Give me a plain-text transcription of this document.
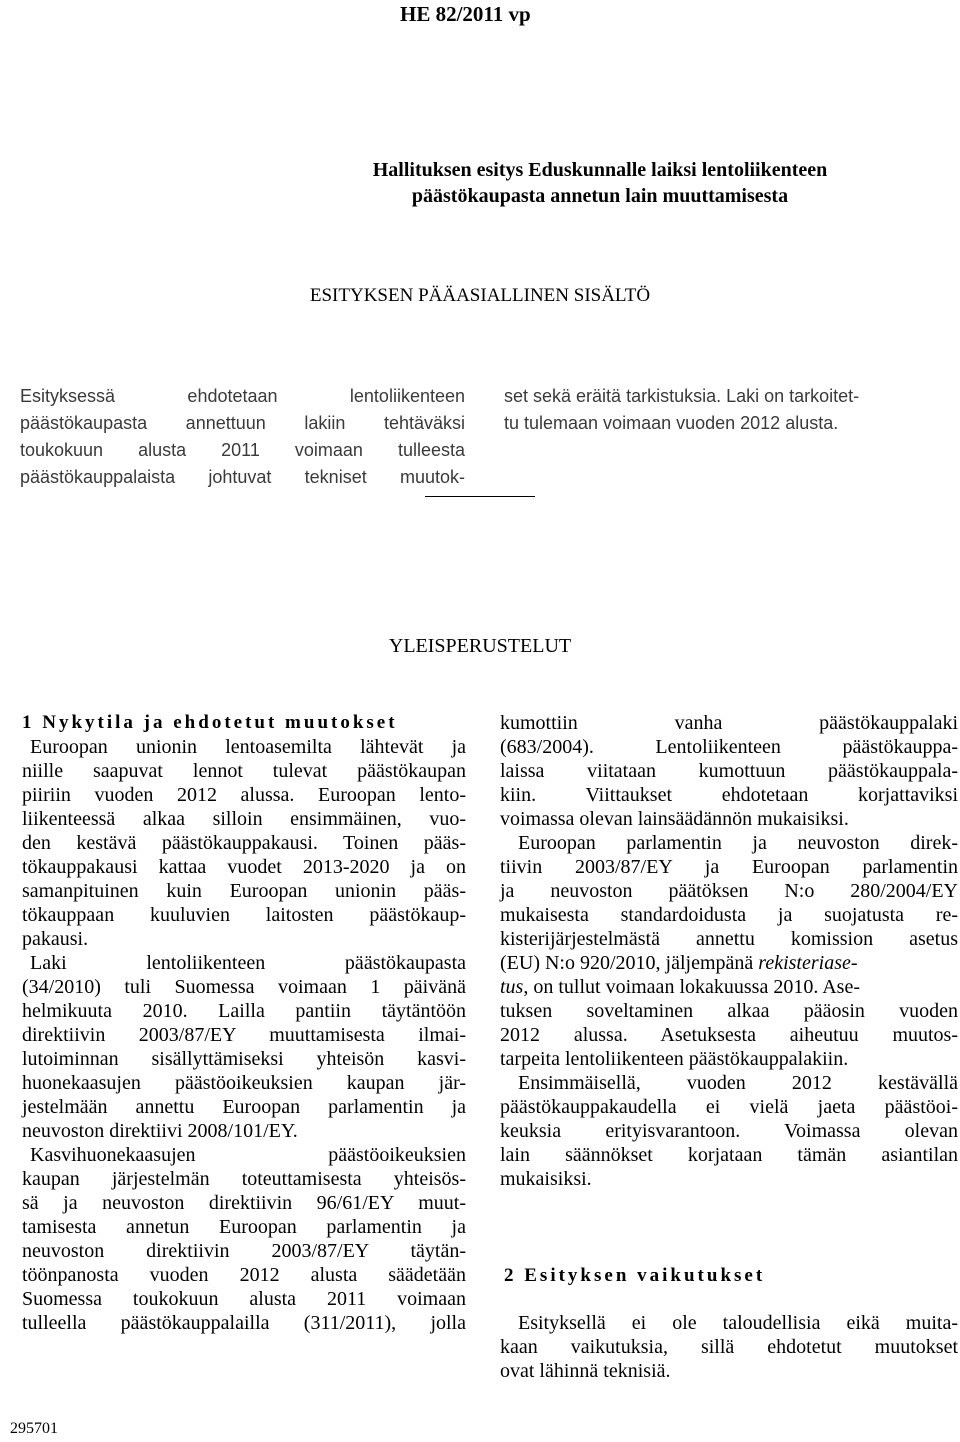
HE 82/2011 vp
Hallituksen esitys Eduskunnalle laiksi lentoliikenteen
päästökaupasta annetun lain muuttamisesta
ESITYKSEN PÄÄASIALLINEN SISÄLTÖ
Esityksessä ehdotetaan lentoliikenteen
päästökaupasta annettuun lakiin tehtäväksi
toukokuun alusta 2011 voimaan tulleesta
päästökauppalaista johtuvat tekniset muutok-
set sekä eräitä tarkistuksia. Laki on tarkoitet-
tu tulemaan voimaan vuoden 2012 alusta.
YLEISPERUSTELUT
1 Nykytila ja ehdotetut muutokset
Euroopan unionin lentoasemilta lähtevät ja
niille saapuvat lennot tulevat päästökaupan
piiriin vuoden 2012 alussa. Euroopan lento-
liikenteessä alkaa silloin ensimmäinen, vuo-
den kestävä päästökauppakausi. Toinen pääs-
tökauppakausi kattaa vuodet 2013-2020 ja on
samanpituinen kuin Euroopan unionin pääs-
tökauppaan kuuluvien laitosten päästökaup-
pakausi.
Laki lentoliikenteen päästökaupasta
(34/2010) tuli Suomessa voimaan 1 päivänä
helmikuuta 2010. Lailla pantiin täytäntöön
direktiivin 2003/87/EY muuttamisesta ilmai-
lutoiminnan sisällyttämiseksi yhteisön kasvi-
huonekaasujen päästöoikeuksien kaupan jär-
jestelmään annettu Euroopan parlamentin ja
neuvoston direktiivi 2008/101/EY.
Kasvihuonekaasujen päästöoikeuksien
kaupan järjestelmän toteuttamisesta yhteisös-
sä ja neuvoston direktiivin 96/61/EY muut-
tamisesta annetun Euroopan parlamentin ja
neuvoston direktiivin 2003/87/EY täytän-
töönpanosta vuoden 2012 alusta säädetään
Suomessa toukokuun alusta 2011 voimaan
tulleella päästökauppalailla (311/2011), jolla
kumottiin vanha päästökauppalaki
(683/2004). Lentoliikenteen päästökauppa-
laissa viitataan kumottuun päästökauppala-
kiin. Viittaukset ehdotetaan korjattaviksi
voimassa olevan lainsäädännön mukaisiksi.
Euroopan parlamentin ja neuvoston direk-
tiivin 2003/87/EY ja Euroopan parlamentin
ja neuvoston päätöksen N:o 280/2004/EY
mukaisesta standardoidusta ja suojatusta re-
kisterijärjestelmästä annettu komission asetus
(EU) N:o 920/2010, jäljempänä rekisteriase-
tus, on tullut voimaan lokakuussa 2010. Ase-
tuksen soveltaminen alkaa pääosin vuoden
2012 alussa. Asetuksesta aiheutuu muutos-
tarpeita lentoliikenteen päästökauppalakiin.
Ensimmäisellä, vuoden 2012 kestävällä
päästökauppakaudella ei vielä jaeta päästöoi-
keuksia erityisvarantoon. Voimassa olevan
lain säännökset korjataan tämän asiantilan
mukaisiksi.
2 Esityksen vaikutukset
Esityksellä ei ole taloudellisia eikä muita-
kaan vaikutuksia, sillä ehdotetut muutokset
ovat lähinnä teknisiä.
295701
